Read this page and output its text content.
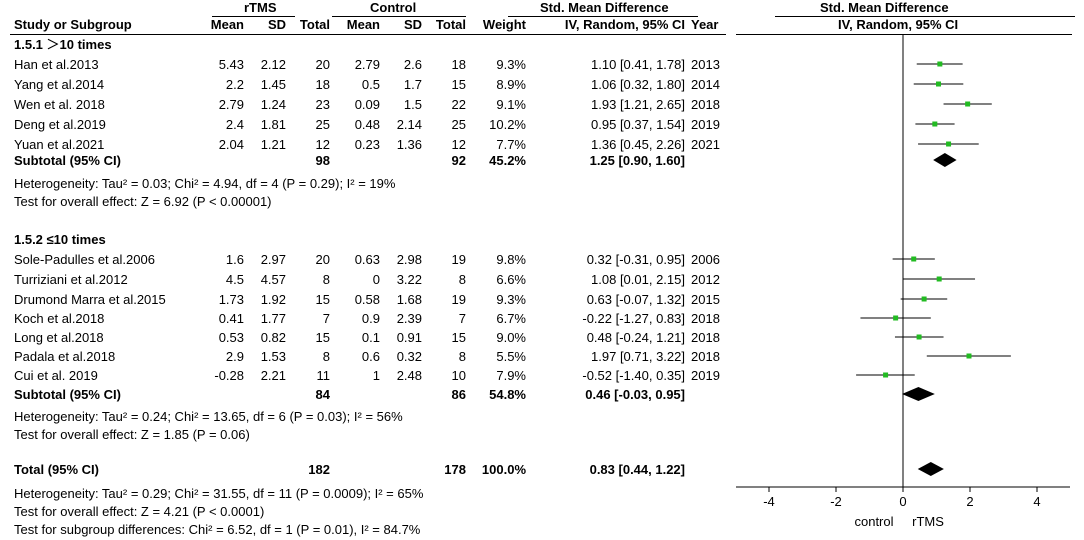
rTMS	Control	Std. Mean Difference	Std. Mean Difference
Study or Subgroup	Mean	SD	Total	Mean	SD	Total	Weight	IV, Random, 95% CI Year	IV, Random, 95% CI
1.5.1 ＞10 times
Han et al.2013	5.43	2.12	20	2.79	2.6	18	9.3%	1.10 [0.41, 1.78] 2013
Yang et al.2014	2.2	1.45	18	0.5	1.7	15	8.9%	1.06 [0.32, 1.80] 2014
Wen et al. 2018	2.79	1.24	23	0.09	1.5	22	9.1%	1.93 [1.21, 2.65] 2018
Deng et al.2019	2.4	1.81	25	0.48	2.14	25	10.2%	0.95 [0.37, 1.54] 2019
Yuan et al.2021	2.04	1.21	12	0.23	1.36	12	7.7%	1.36 [0.45, 2.26] 2021
Subtotal (95% CI)	98	92	45.2%	1.25 [0.90, 1.60]
Heterogeneity: Tau² = 0.03; Chi² = 4.94, df = 4 (P = 0.29); I² = 19%
Test for overall effect: Z = 6.92 (P < 0.00001)
1.5.2 ≤10 times
Sole-Padulles et al.2006	1.6	2.97	20	0.63	2.98	19	9.8%	0.32 [-0.31, 0.95] 2006
Turriziani et al.2012	4.5	4.57	8	0	3.22	8	6.6%	1.08 [0.01, 2.15] 2012
Drumond Marra et al.2015	1.73	1.92	15	0.58	1.68	19	9.3%	0.63 [-0.07, 1.32] 2015
Koch et al.2018	0.41	1.77	7	0.9	2.39	7	6.7%	-0.22 [-1.27, 0.83] 2018
Long et al.2018	0.53	0.82	15	0.1	0.91	15	9.0%	0.48 [-0.24, 1.21] 2018
Padala et al.2018	2.9	1.53	8	0.6	0.32	8	5.5%	1.97 [0.71, 3.22] 2018
Cui et al. 2019	-0.28	2.21	11	1	2.48	10	7.9%	-0.52 [-1.40, 0.35] 2019
Subtotal (95% CI)	84	86	54.8%	0.46 [-0.03, 0.95]
Heterogeneity: Tau² = 0.24; Chi² = 13.65, df = 6 (P = 0.03); I² = 56%
Test for overall effect: Z = 1.85 (P = 0.06)
Total (95% CI)	182	178	100.0%	0.83 [0.44, 1.22]
Heterogeneity: Tau² = 0.29; Chi² = 31.55, df = 11 (P = 0.0009); I² = 65%
Test for overall effect: Z = 4.21 (P < 0.0001)
Test for subgroup differences: Chi² = 6.52, df = 1 (P = 0.01), I² = 84.7%
-4	-2	0	2	4
control rTMS
